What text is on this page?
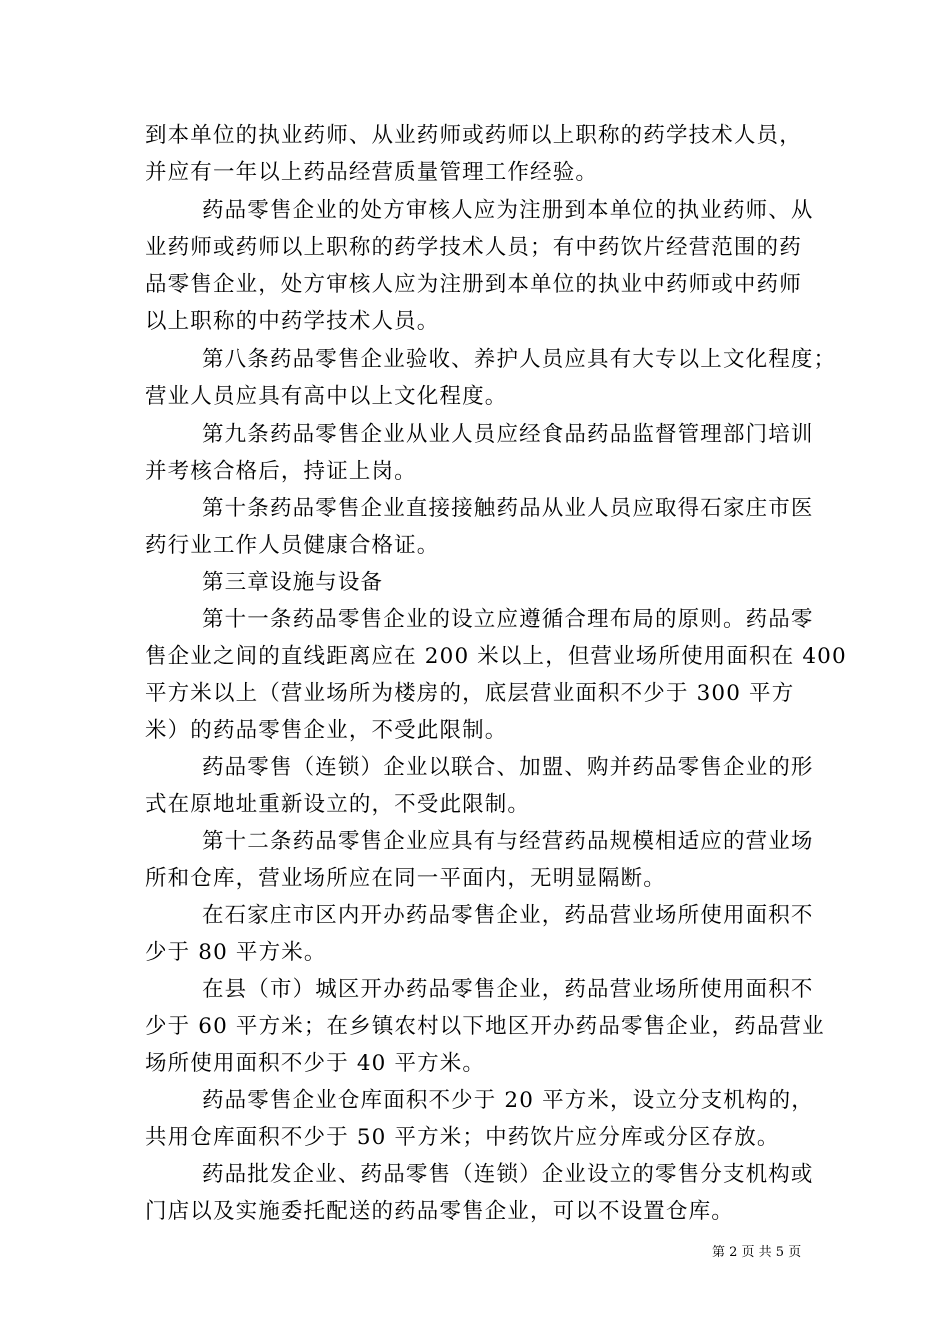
到本单位的执业药师、从业药师或药师以上职称的药学技术人员，
并应有一年以上药品经营质量管理工作经验。
药品零售企业的处方审核人应为注册到本单位的执业药师、从
业药师或药师以上职称的药学技术人员；有中药饮片经营范围的药
品零售企业，处方审核人应为注册到本单位的执业中药师或中药师
以上职称的中药学技术人员。
第八条药品零售企业验收、养护人员应具有大专以上文化程度；
营业人员应具有高中以上文化程度。
第九条药品零售企业从业人员应经食品药品监督管理部门培训
并考核合格后，持证上岗。
第十条药品零售企业直接接触药品从业人员应取得石家庄市医
药行业工作人员健康合格证。
第三章设施与设备
第十一条药品零售企业的设立应遵循合理布局的原则。药品零
售企业之间的直线距离应在 200 米以上，但营业场所使用面积在 400
平方米以上（营业场所为楼房的，底层营业面积不少于 300 平方
米）的药品零售企业，不受此限制。
药品零售（连锁）企业以联合、加盟、购并药品零售企业的形
式在原地址重新设立的，不受此限制。
第十二条药品零售企业应具有与经营药品规模相适应的营业场
所和仓库，营业场所应在同一平面内，无明显隔断。
在石家庄市区内开办药品零售企业，药品营业场所使用面积不
少于 80 平方米。
在县（市）城区开办药品零售企业，药品营业场所使用面积不
少于 60 平方米；在乡镇农村以下地区开办药品零售企业，药品营业
场所使用面积不少于 40 平方米。
药品零售企业仓库面积不少于 20 平方米，设立分支机构的，
共用仓库面积不少于 50 平方米；中药饮片应分库或分区存放。
药品批发企业、药品零售（连锁）企业设立的零售分支机构或
门店以及实施委托配送的药品零售企业，可以不设置仓库。
第 2 页 共 5 页
